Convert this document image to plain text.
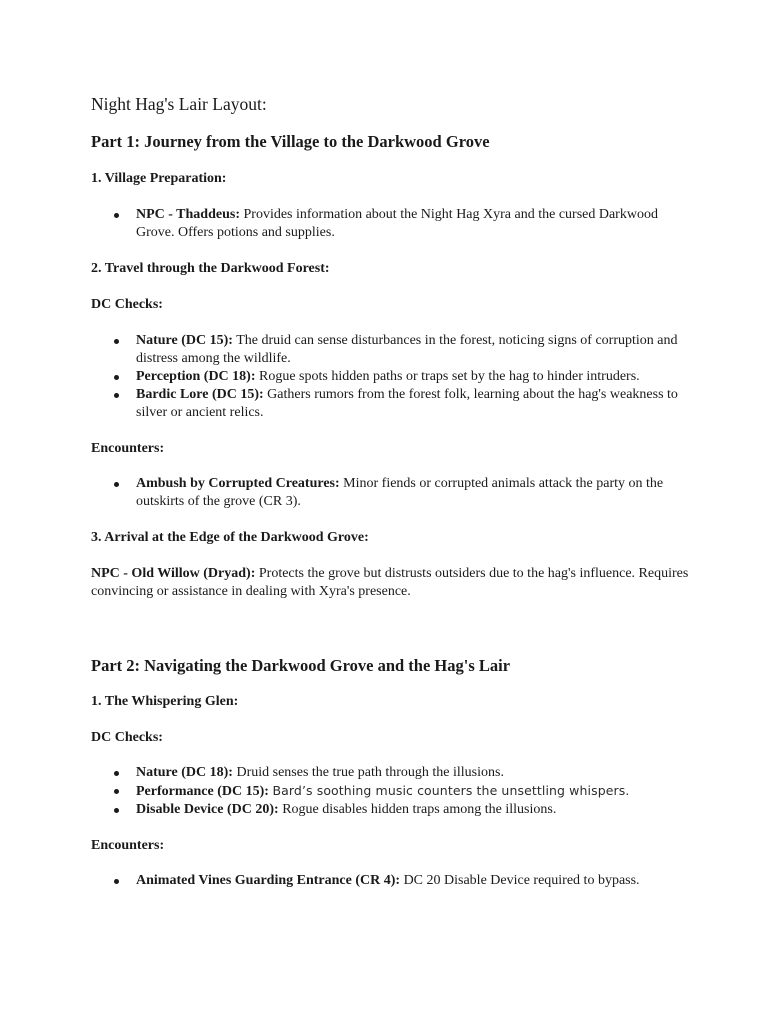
Night Hag's Lair Layout:
Part 1: Journey from the Village to the Darkwood Grove
1. Village Preparation:
NPC - Thaddeus: Provides information about the Night Hag Xyra and the cursed Darkwood Grove. Offers potions and supplies.
2. Travel through the Darkwood Forest:
DC Checks:
Nature (DC 15): The druid can sense disturbances in the forest, noticing signs of corruption and distress among the wildlife.
Perception (DC 18): Rogue spots hidden paths or traps set by the hag to hinder intruders.
Bardic Lore (DC 15): Gathers rumors from the forest folk, learning about the hag's weakness to silver or ancient relics.
Encounters:
Ambush by Corrupted Creatures: Minor fiends or corrupted animals attack the party on the outskirts of the grove (CR 3).
3. Arrival at the Edge of the Darkwood Grove:

NPC - Old Willow (Dryad): Protects the grove but distrusts outsiders due to the hag's influence. Requires convincing or assistance in dealing with Xyra's presence.

Part 2: Navigating the Darkwood Grove and the Hag's Lair
1. The Whispering Glen:
DC Checks:
Nature (DC 18): Druid senses the true path through the illusions.
Performance (DC 15): Bard’s soothing music counters the unsettling whispers.
Disable Device (DC 20): Rogue disables hidden traps among the illusions.
Encounters:
Animated Vines Guarding Entrance (CR 4): DC 20 Disable Device required to bypass.
